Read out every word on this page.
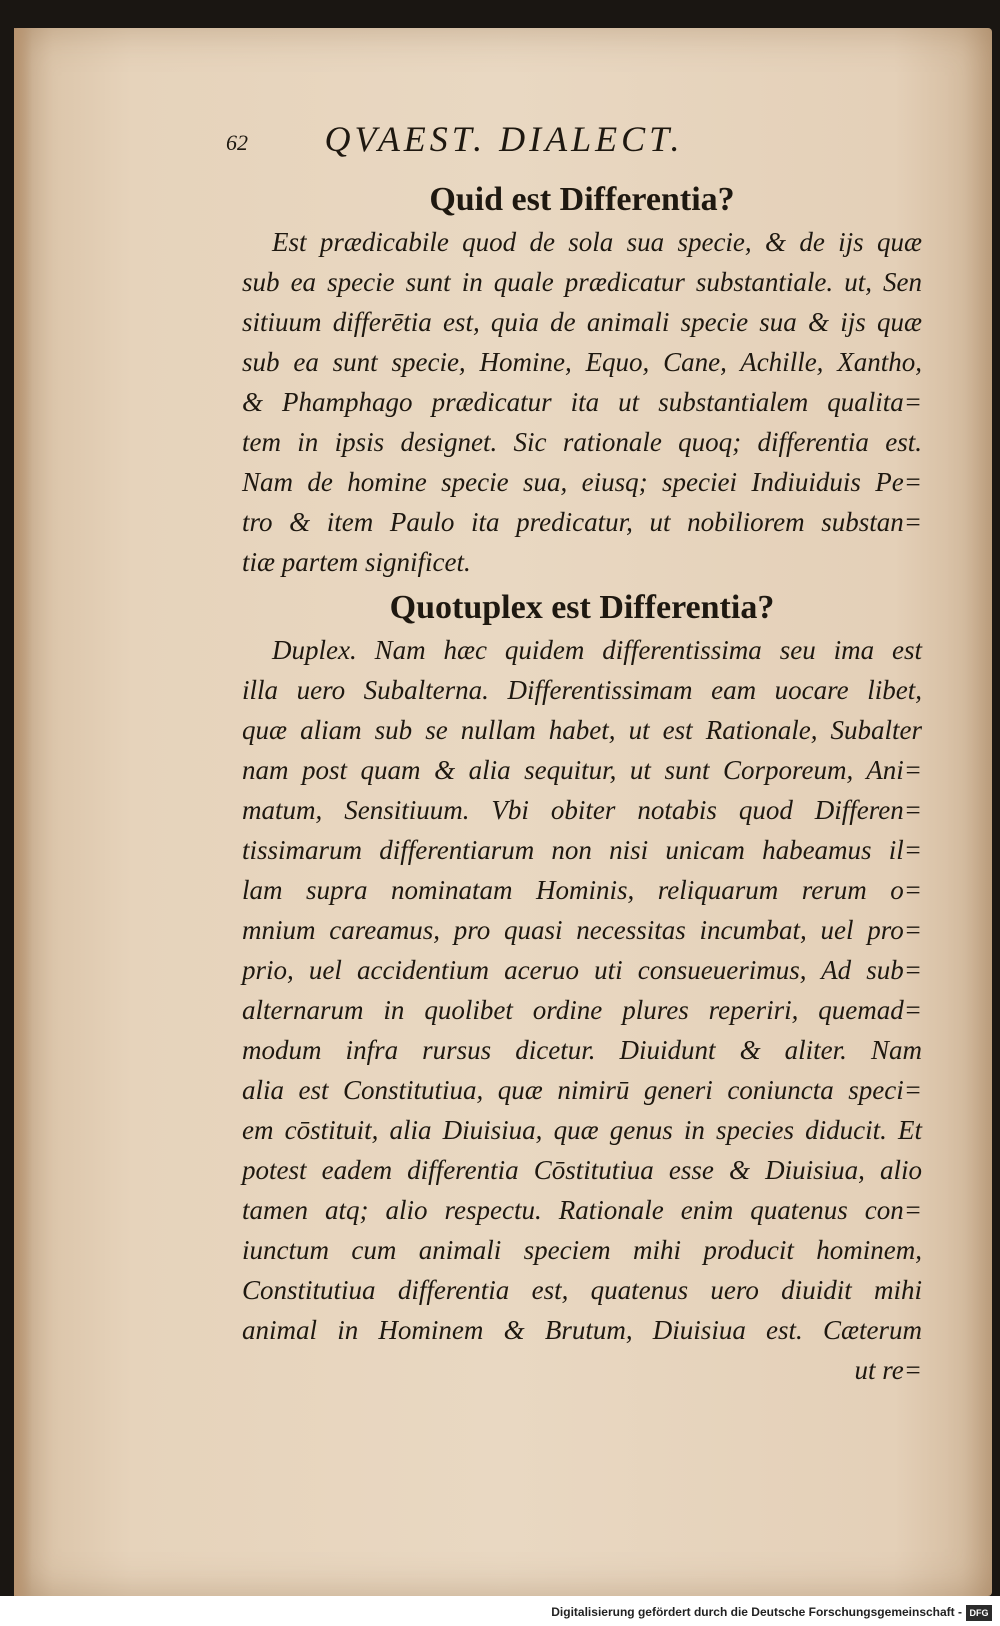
62	QVAEST. DIALECT.
Quid est Differentia?
Est prædicabile quod de sola sua specie, & de ijs quæ
sub ea specie sunt in quale prædicatur substantiale. ut, Sen
sitiuum differētia est, quia de animali specie sua & ijs quæ
sub ea sunt specie, Homine, Equo, Cane, Achille, Xantho,
& Phamphago prædicatur ita ut substantialem qualita=
tem in ipsis designet. Sic rationale quoq; differentia est.
Nam de homine specie sua, eiusq; speciei Indiuiduis Pe=
tro & item Paulo ita predicatur, ut nobiliorem substan=
tiæ partem significet.
Quotuplex est Differentia?
Duplex. Nam hæc quidem differentissima seu ima est
illa uero Subalterna. Differentissimam eam uocare libet,
quæ aliam sub se nullam habet, ut est Rationale, Subalter
nam post quam & alia sequitur, ut sunt Corporeum, Ani=
matum, Sensitiuum. Vbi obiter notabis quod Differen=
tissimarum differentiarum non nisi unicam habeamus il=
lam supra nominatam Hominis, reliquarum rerum o=
mnium careamus, pro quasi necessitas incumbat, uel pro=
prio, uel accidentium aceruo uti consueuerimus, Ad sub=
alternarum in quolibet ordine plures reperiri, quemad=
modum infra rursus dicetur. Diuidunt & aliter. Nam
alia est Constitutiua, quæ nimirū generi coniuncta speci=
em cōstituit, alia Diuisiua, quæ genus in species diducit. Et
potest eadem differentia Cōstitutiua esse & Diuisiua, alio
tamen atq; alio respectu. Rationale enim quatenus con=
iunctum cum animali speciem mihi producit hominem,
Constitutiua differentia est, quatenus uero diuidit mihi
animal in Hominem & Brutum, Diuisiua est. Cæterum
ut re=
Digitalisierung gefördert durch die Deutsche Forschungsgemeinschaft - DFG
